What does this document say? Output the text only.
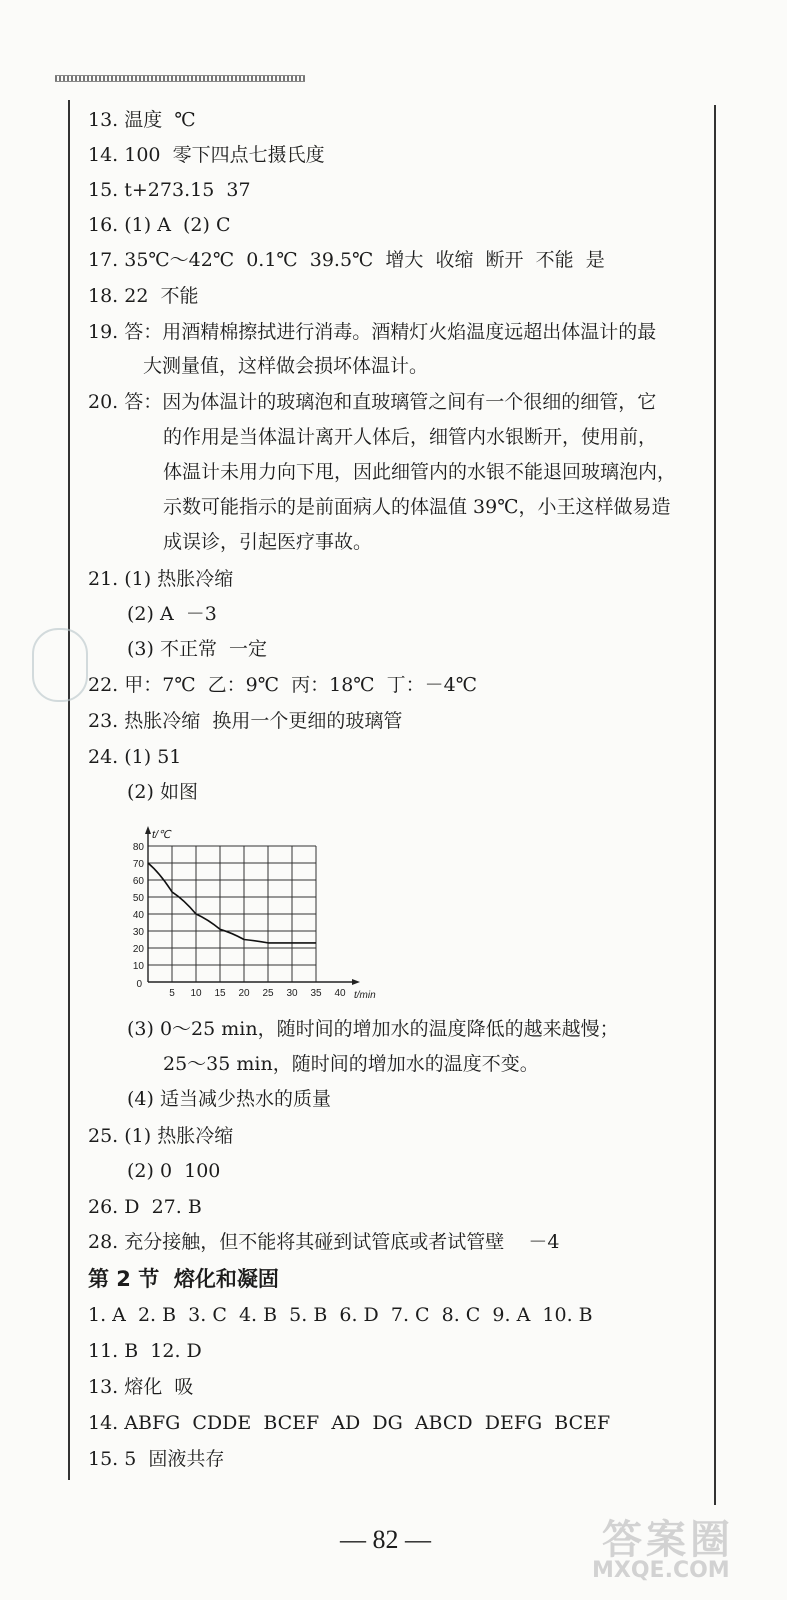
13. 温度  ℃
14. 100  零下四点七摄氏度
15. t+273.15  37
16. (1) A  (2) C
17. 35℃～42℃  0.1℃  39.5℃  增大  收缩  断开  不能  是
18. 22  不能
19. 答：用酒精棉擦拭进行消毒。酒精灯火焰温度远超出体温计的最
大测量值，这样做会损坏体温计。
20. 答：因为体温计的玻璃泡和直玻璃管之间有一个很细的细管，它
的作用是当体温计离开人体后，细管内水银断开，使用前，
体温计未用力向下甩，因此细管内的水银不能退回玻璃泡内，
示数可能指示的是前面病人的体温值 39℃，小王这样做易造
成误诊，引起医疗事故。
21. (1) 热胀冷缩
(2) A  －3
(3) 不正常  一定
22. 甲：7℃  乙：9℃  丙：18℃  丁：－4℃
23. 热胀冷缩  换用一个更细的玻璃管
24. (1) 51
(2) 如图
10
20
30
40
50
60
70
80
0
5 10 15 20 25 30 35 40
t/℃
t/min
(3) 0～25 min，随时间的增加水的温度降低的越来越慢；
25～35 min，随时间的增加水的温度不变。
(4) 适当减少热水的质量
25. (1) 热胀冷缩
(2) 0  100
26. D  27. B
28. 充分接触，但不能将其碰到试管底或者试管壁    －4
第 2 节  熔化和凝固
1. A  2. B  3. C  4. B  5. B  6. D  7. C  8. C  9. A  10. B
11. B  12. D
13. 熔化  吸
14. ABFG  CDDE  BCEF  AD  DG  ABCD  DEFG  BCEF
15. 5  固液共存
— 82 —	答案圈
MXQE.COM
